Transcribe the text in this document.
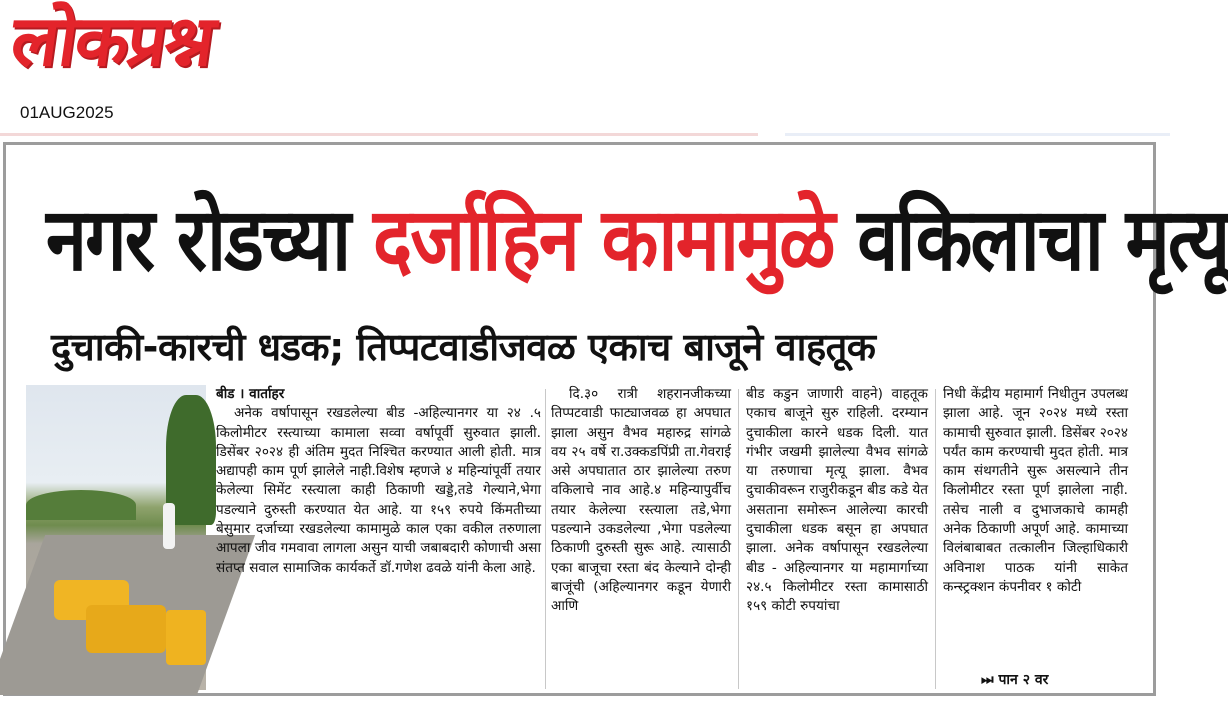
लोकप्रश्न
01AUG2025
नगर रोडच्या दर्जाहिन कामामुळे वकिलाचा मृत्यू
दुचाकी-कारची धडक; तिप्पटवाडीजवळ एकाच बाजूने वाहतूक

बीड । वार्ताहर

अनेक वर्षापासून रखडलेल्या बीड -अहिल्यानगर या २४ .५ किलोमीटर रस्त्याच्या कामाला सव्वा वर्षापूर्वी सुरुवात झाली. डिसेंबर २०२४ ही अंतिम मुदत निश्चित करण्यात आली होती. मात्र अद्यापही काम पूर्ण झालेले नाही.विशेष म्हणजे ४ महिन्यांपूर्वी तयार केलेल्या सिमेंट रस्त्याला काही ठिकाणी खड्डे,तडे गेल्याने,भेगा पडल्याने दुरुस्ती करण्यात येत आहे. या १५९ रुपये किंमतीच्या बेसुमार दर्जाच्या रखडलेल्या कामामुळे काल एका वकील तरुणाला आपला जीव गमवावा लागला असुन याची जबाबदारी कोणाची असा संतप्त सवाल सामाजिक कार्यकर्ते डॉ.गणेश ढवळे यांनी केला आहे.

दि.३० रात्री शहरानजीकच्या तिप्पटवाडी फाट्याजवळ हा अपघात झाला असुन वैभव महारुद्र सांगळे वय २५ वर्षे रा.उक्कडपिंप्री ता.गेवराई असे अपघातात ठार झालेल्या तरुण वकिलाचे नाव आहे.४ महिन्यापुर्वीच तयार केलेल्या रस्त्याला तडे,भेगा पडल्याने उकडलेल्या ,भेगा पडलेल्या ठिकाणी दुरुस्ती सुरू आहे. त्यासाठी एका बाजूचा रस्ता बंद केल्याने दोन्ही बाजूंची (अहिल्यानगर कडून येणारी आणि

बीड कडुन जाणारी वाहने) वाहतूक एकाच बाजूने सुरु राहिली. दरम्यान दुचाकीला कारने धडक दिली. यात गंभीर जखमी झालेल्या वैभव सांगळे या तरुणाचा मृत्यू झाला. वैभव दुचाकीवरून राजुरीकडून बीड कडे येत असताना समोरून आलेल्या कारची दुचाकीला धडक बसून हा अपघात झाला. अनेक वर्षापासून रखडलेल्या बीड - अहिल्यानगर या महामार्गाच्या २४.५ किलोमीटर रस्ता कामासाठी १५९ कोटी रुपयांचा

निधी केंद्रीय महामार्ग निधीतुन उपलब्ध झाला आहे. जून २०२४ मध्ये रस्ता कामाची सुरुवात झाली. डिसेंबर २०२४ पर्यंत काम करण्याची मुदत होती. मात्र काम संथगतीने सुरू असल्याने तीन किलोमीटर रस्ता पूर्ण झालेला नाही. तसेच नाली व दुभाजकाचे कामही अनेक ठिकाणी अपूर्ण आहे. कामाच्या विलंबाबाबत तत्कालीन जिल्हाधिकारी अविनाश पाठक यांनी साकेत कन्स्ट्रक्शन कंपनीवर १ कोटी

⏭ पान २ वर
